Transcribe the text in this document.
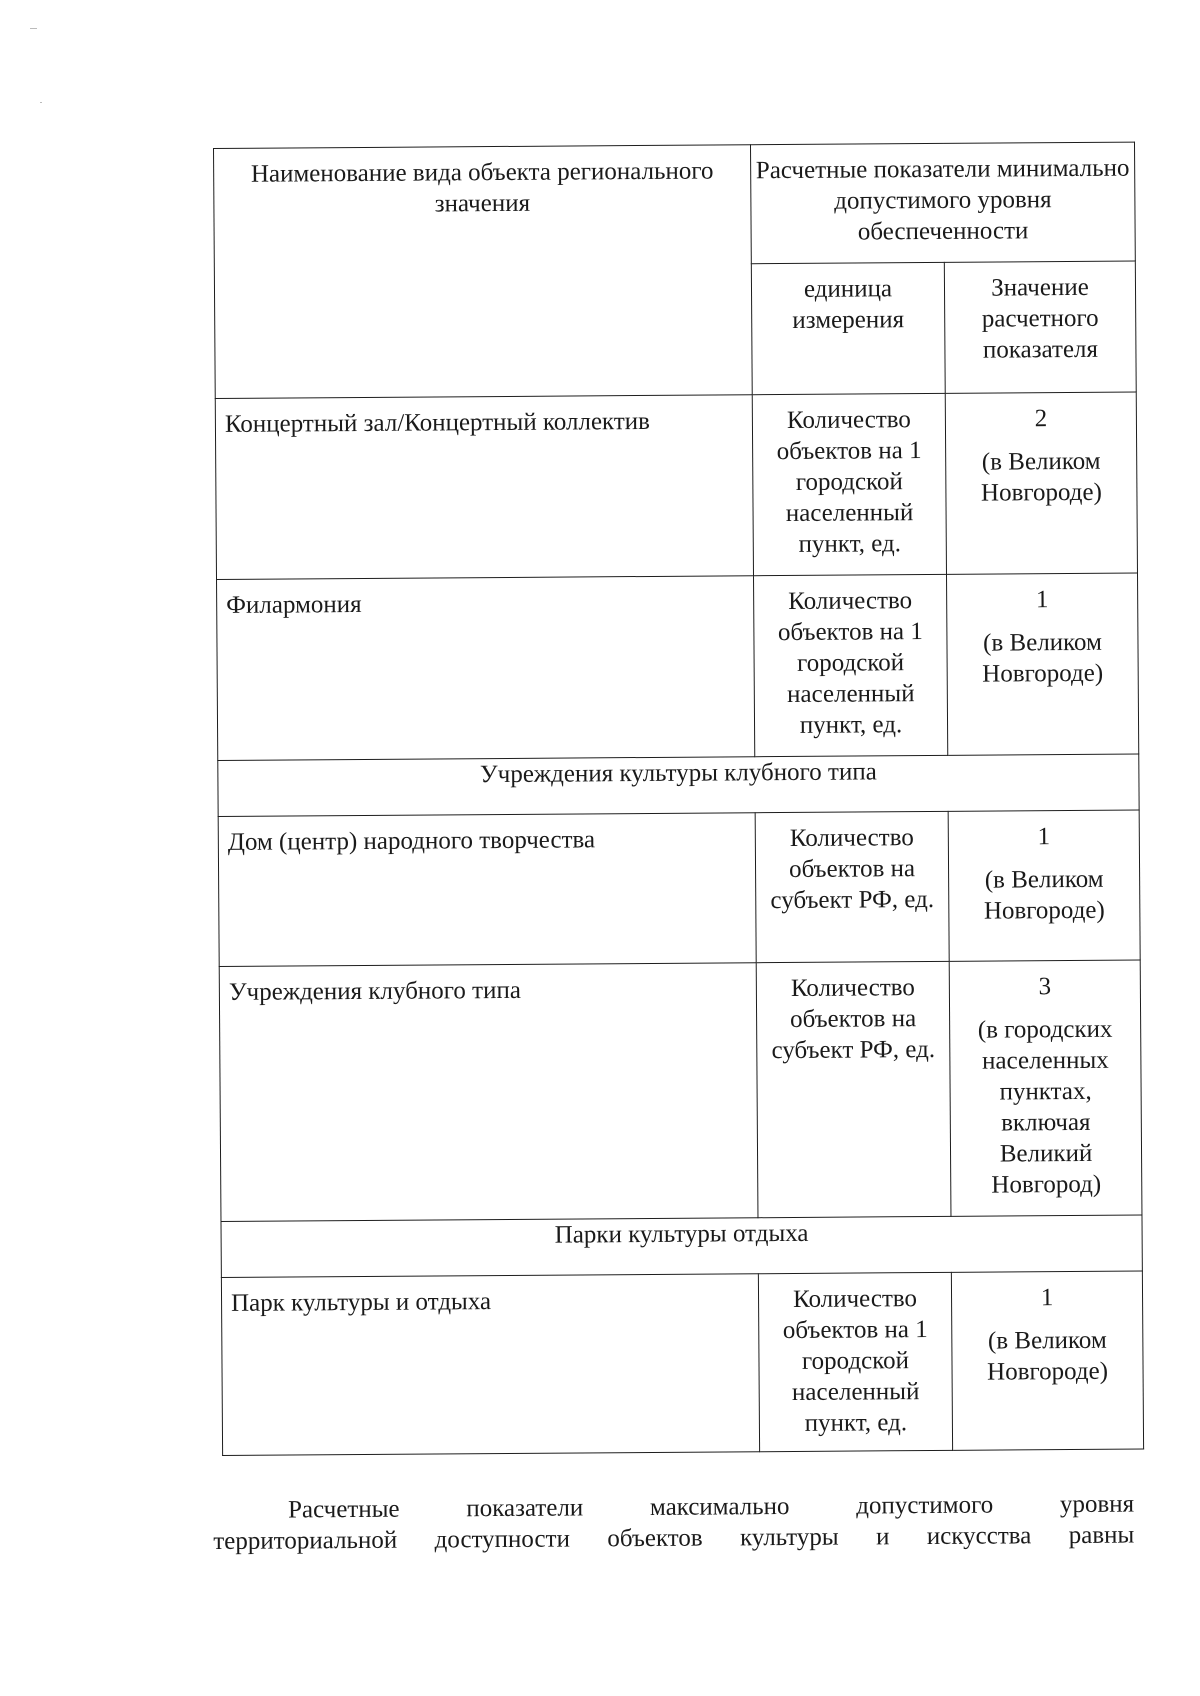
Наименование вида объекта регионального значения	Расчетные показатели минимально допустимого уровня обеспеченности	

	единица измерения	Значение расчетного показателя

Концертный зал/Концертный коллектив	Количество объектов на 1 городской населенный пункт, ед.	2
(в Великом Новгороде)

Филармония	Количество объектов на 1 городской населенный пункт, ед.	1
(в Великом Новгороде)

Учреждения культуры клубного типа		

Дом (центр) народного творчества	Количество объектов на субъект РФ, ед.	1
(в Великом Новгороде)

Учреждения клубного типа	Количество объектов на субъект РФ, ед.	3
(в городских населенных пунктах, включая Великий Новгород)

Парки культуры отдыха		

Парк культуры и отдыха	Количество объектов на 1 городской населенный пункт, ед.	1
(в Великом Новгороде)
Расчетные показатели максимально допустимого уровня
территориальной доступности объектов культуры и искусства равны
